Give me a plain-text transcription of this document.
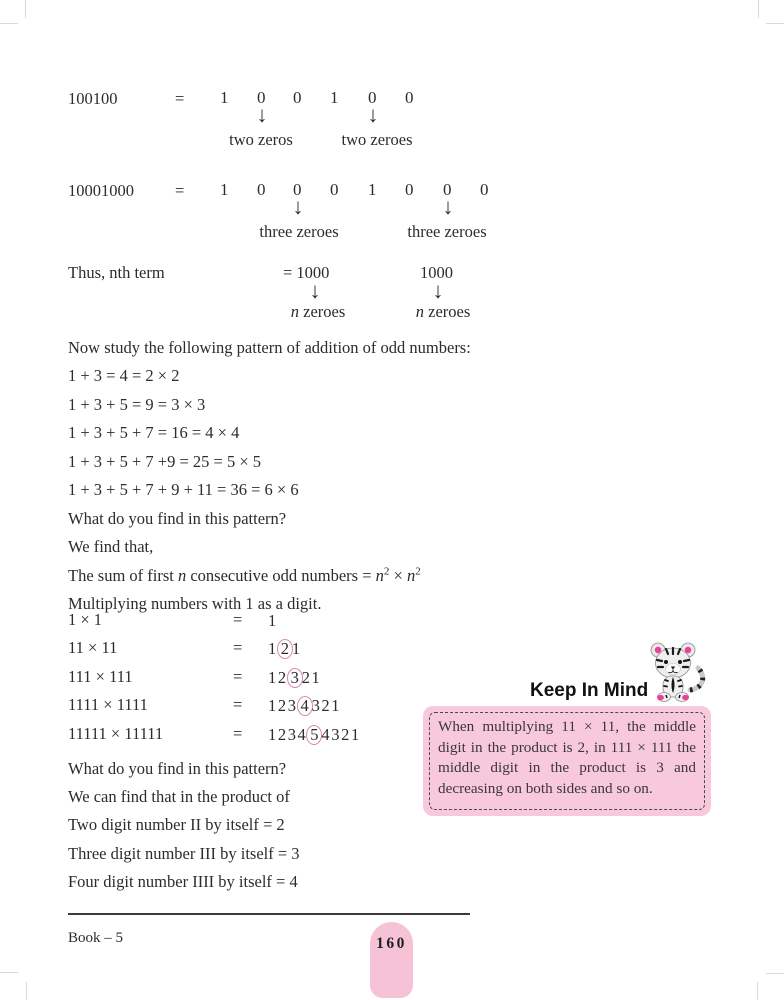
100100	= 1 0 0 1 0 0
↓	↓
two zeros	two zeroes
10001000 = 1 0 0 0 1 0 0 0
↓	↓
three zeroes	three zeroes
Thus, nth term	= 1000	1000
↓	↓
n zeroes	n zeroes
Now study the following pattern of addition of odd numbers:
1 + 3 = 4 = 2 × 2
1 + 3 + 5 = 9 = 3 × 3
1 + 3 + 5 + 7 = 16 = 4 × 4
1 + 3 + 5 + 7 +9 = 25 = 5 × 5
1 + 3 + 5 + 7 + 9 + 11 = 36 = 6 × 6
What do you find in this pattern?
We find that,
The sum of first n consecutive odd numbers = $n^2 \times n^2$
Multiplying numbers with 1 as a digit.
1 × 1	= 1
11 × 11	= 1 2 1
111 × 111	= 12 3 21
1111 × 1111	= 123 4 321
11111 × 11111	= 1234 5 4321
What do you find in this pattern?
We can find that in the product of
Two digit number II by itself = 2
Three digit number III by itself = 3
Four digit number IIII by itself = 4
Keep In Mind
When multiplying 11 × 11, the middle digit in the product is 2, in 111 × 111 the middle digit in the product is 3 and decreasing on both sides and so on.
Book – 5	160
